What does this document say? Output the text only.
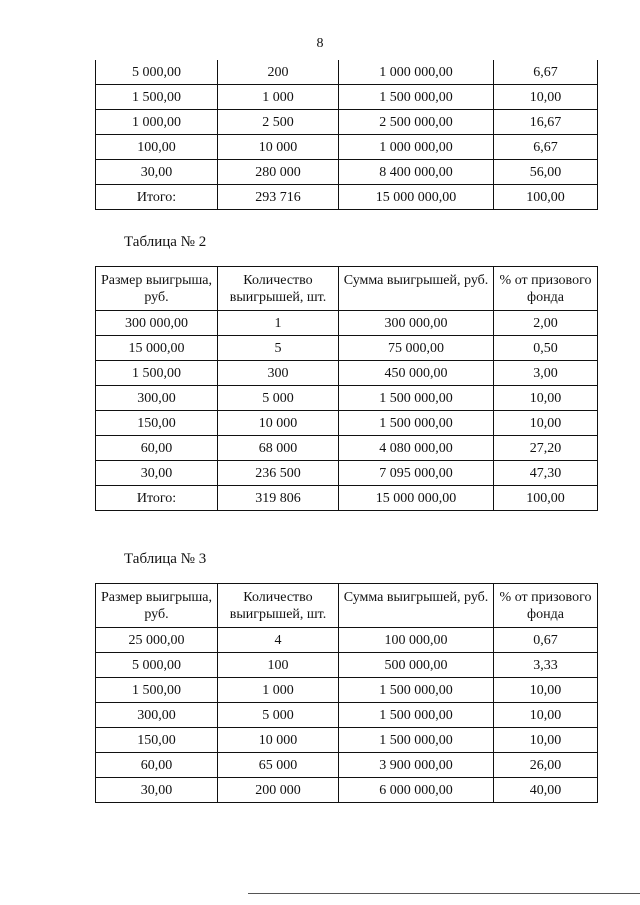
8
5 000,00	200	1 000 000,00	6,67
1 500,00	1 000	1 500 000,00	10,00
1 000,00	2 500	2 500 000,00	16,67
100,00	10 000	1 000 000,00	6,67
30,00	280 000	8 400 000,00	56,00
Итого:	293 716	15 000 000,00	100,00
Таблица № 2
Размер выигрыша, руб.	Количество выигрышей, шт.	Сумма выигрышей, руб.	% от призового фонда
300 000,00	1	300 000,00	2,00
15 000,00	5	75 000,00	0,50
1 500,00	300	450 000,00	3,00
300,00	5 000	1 500 000,00	10,00
150,00	10 000	1 500 000,00	10,00
60,00	68 000	4 080 000,00	27,20
30,00	236 500	7 095 000,00	47,30
Итого:	319 806	15 000 000,00	100,00
Таблица № 3
Размер выигрыша, руб.	Количество выигрышей, шт.	Сумма выигрышей, руб.	% от призового фонда
25 000,00	4	100 000,00	0,67
5 000,00	100	500 000,00	3,33
1 500,00	1 000	1 500 000,00	10,00
300,00	5 000	1 500 000,00	10,00
150,00	10 000	1 500 000,00	10,00
60,00	65 000	3 900 000,00	26,00
30,00	200 000	6 000 000,00	40,00
